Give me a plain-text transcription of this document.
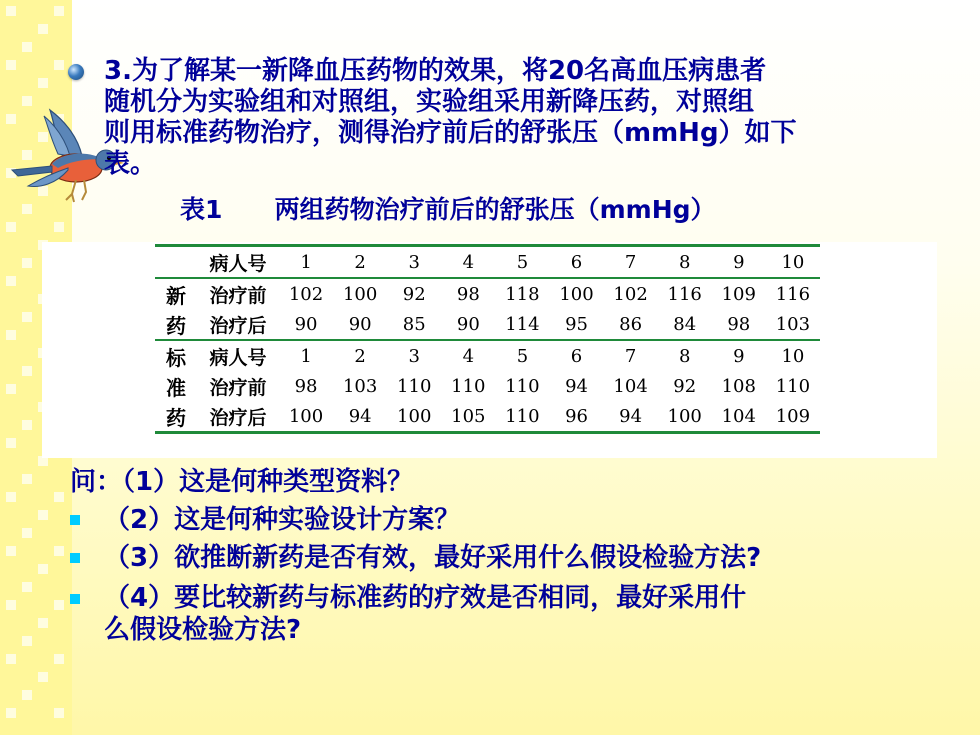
3.为了解某一新降血压药物的效果，将20名高血压病患者
随机分为实验组和对照组，实验组采用新降压药，对照组
则用标准药物治疗，测得治疗前后的舒张压（mmHg）如下
表。
表1      两组药物治疗前后的舒张压（mmHg）
	病人号	1	2	3	4	5	6	7	8	9	10
新	治疗前	102	100	92	98	118	100	102	116	109	116
药	治疗后	90	90	85	90	114	95	86	84	98	103
标	病人号	1	2	3	4	5	6	7	8	9	10
准	治疗前	98	103	110	110	110	94	104	92	108	110
药	治疗后	100	94	100	105	110	96	94	100	104	109
问：（1）这是何种类型资料？
（2）这是何种实验设计方案？
（3）欲推断新药是否有效，最好采用什么假设检验方法?
（4）要比较新药与标准药的疗效是否相同，最好采用什
么假设检验方法?
